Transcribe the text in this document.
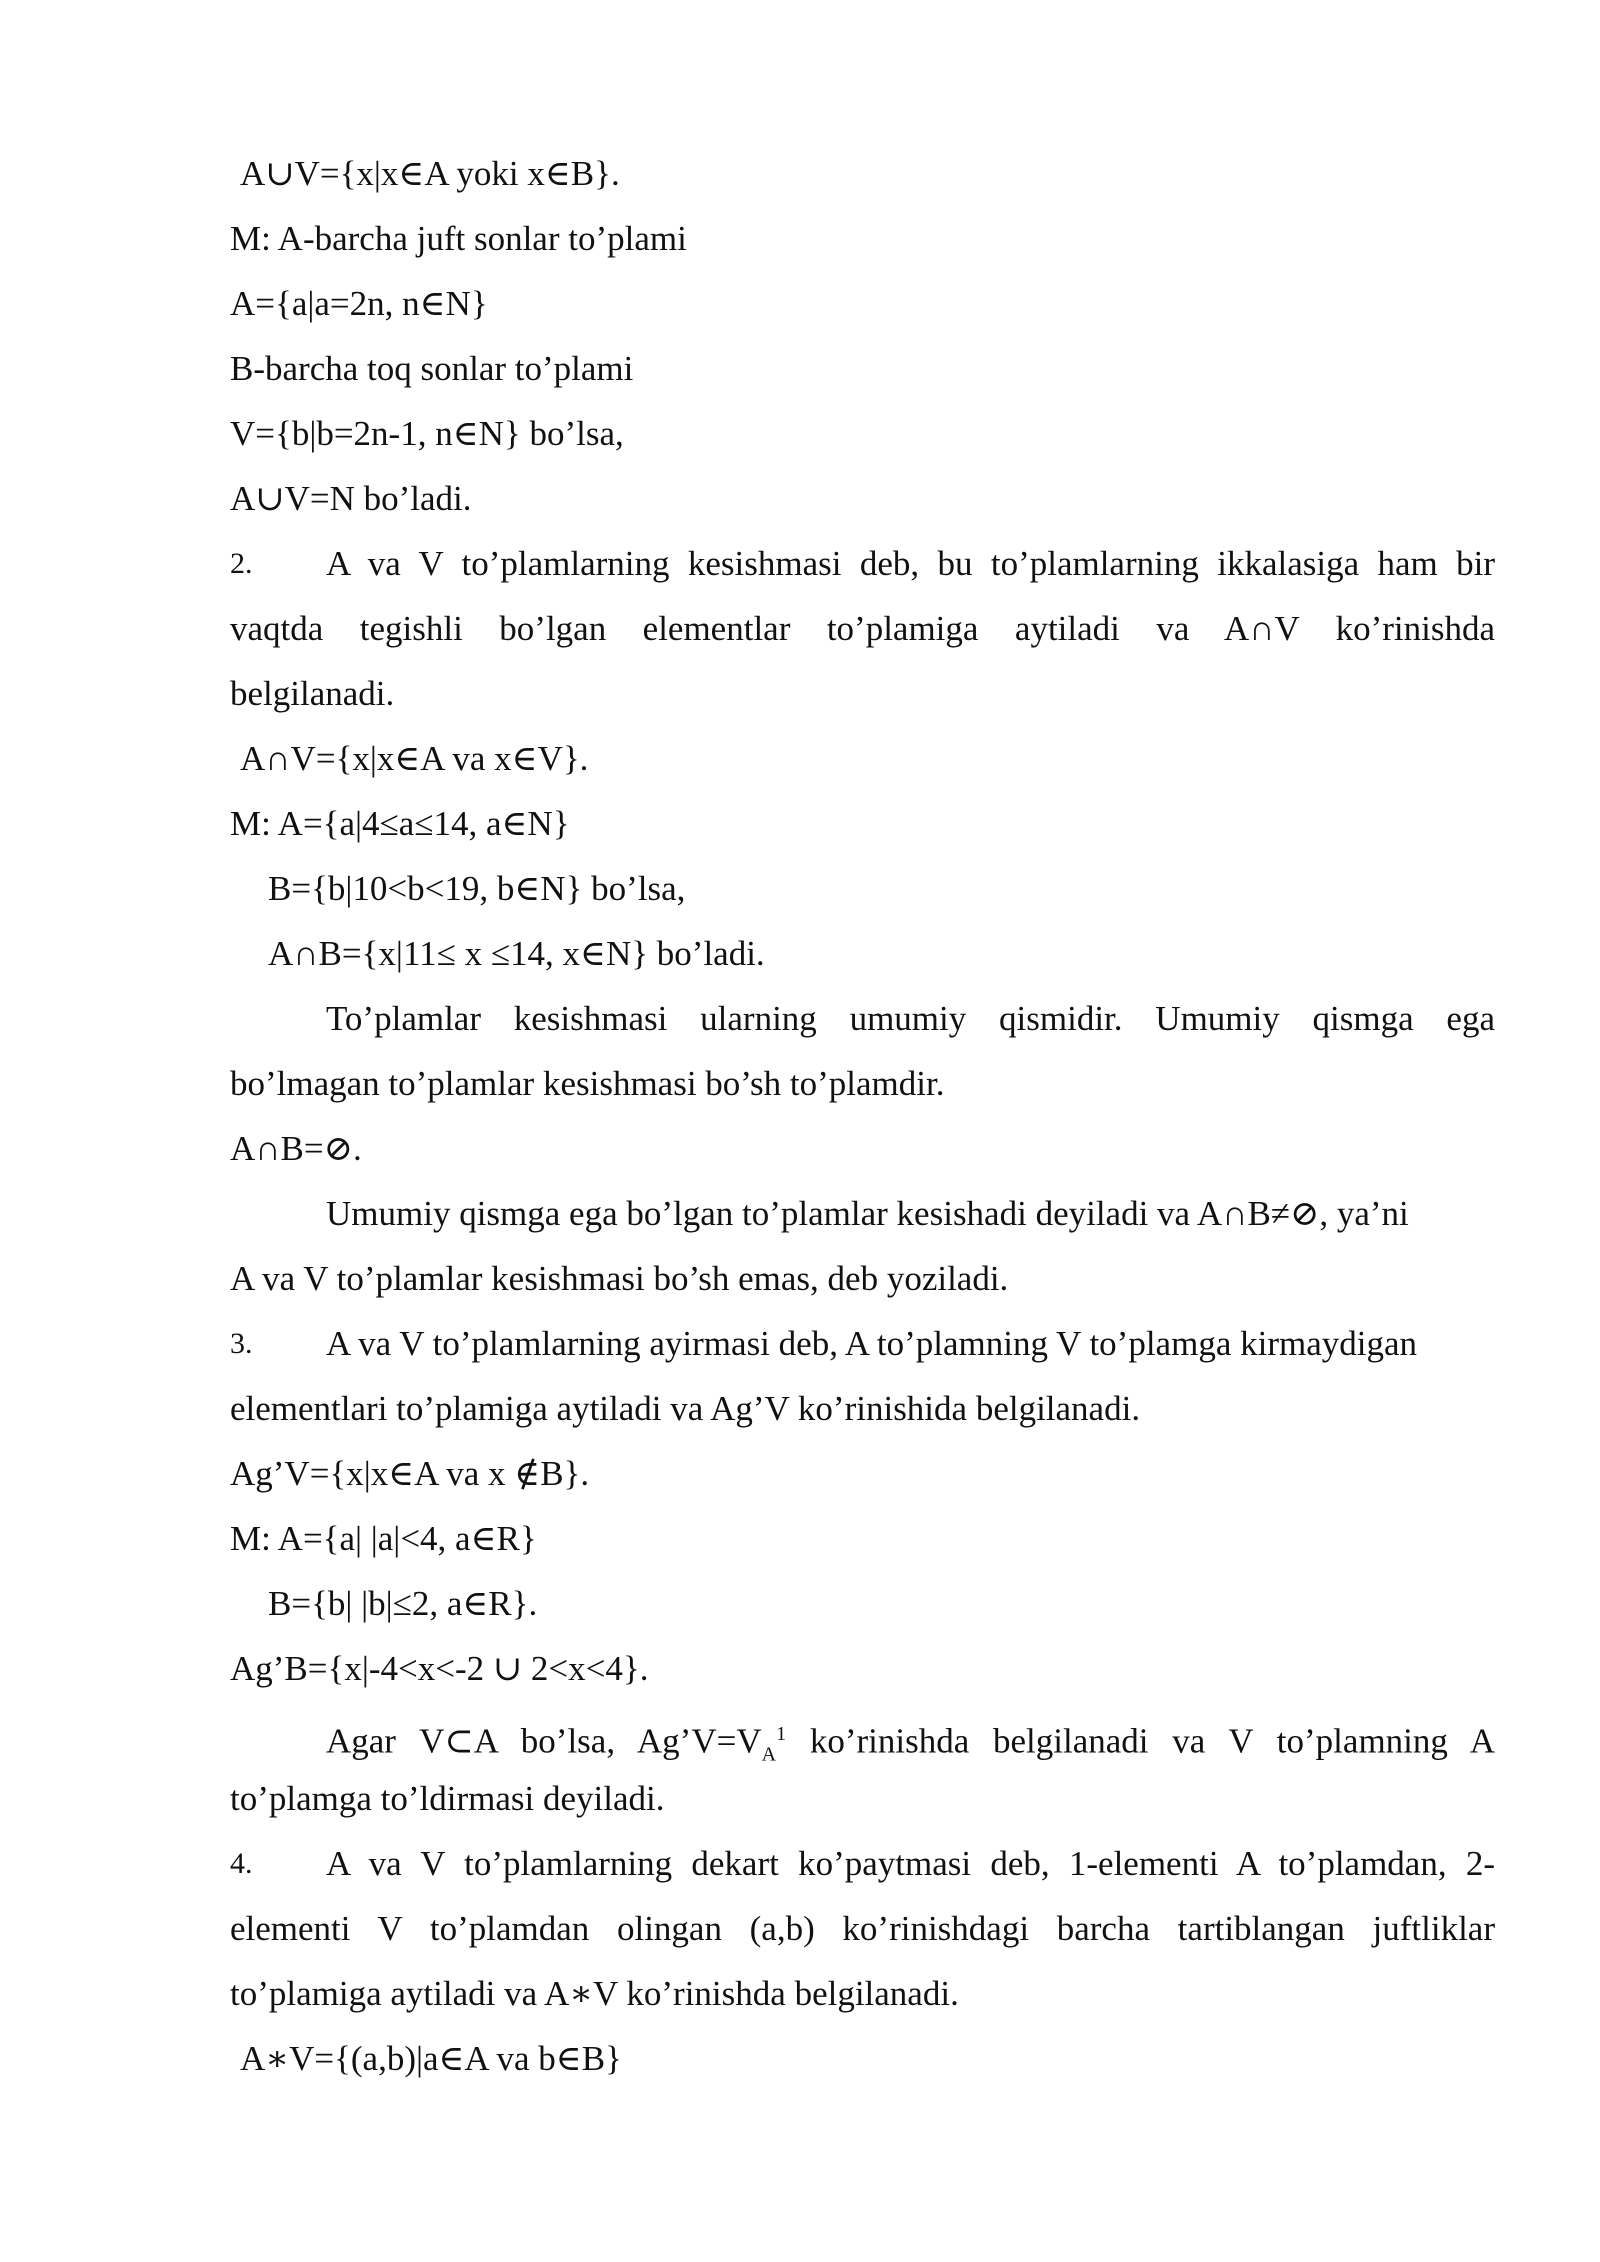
A∪V={x|x∈A yoki x∈B}.
M: A-barcha juft sonlar to’plami
A={a|a=2n, n∈N}
B-barcha toq sonlar to’plami
V={b|b=2n-1, n∈N} bo’lsa,
A∪V=N bo’ladi.
2. A va V to’plamlarning kesishmasi deb, bu to’plamlarning ikkalasiga ham bir
vaqtda tegishli bo’lgan elementlar to’plamiga aytiladi va A∩V ko’rinishda
belgilanadi.
A∩V={x|x∈A va x∈V}.
M: A={a|4≤a≤14, a∈N}
B={b|10<b<19, b∈N} bo’lsa,
A∩B={x|11≤ x ≤14, x∈N} bo’ladi.
To’plamlar kesishmasi ularning umumiy qismidir. Umumiy qismga ega
bo’lmagan to’plamlar kesishmasi bo’sh to’plamdir.
A∩B=⊘.
Umumiy qismga ega bo’lgan to’plamlar kesishadi deyiladi va A∩B≠⊘, ya’ni
A va V to’plamlar kesishmasi bo’sh emas, deb yoziladi.
3. A va V to’plamlarning ayirmasi deb, A to’plamning V to’plamga kirmaydigan
elementlari to’plamiga aytiladi va Ag’V ko’rinishida belgilanadi.
Ag’V={x|x∈A va x ∉B}.
M: A={a| |a|<4, a∈R}
B={b| |b|≤2, a∈R}.
Ag’B={x|-4<x<-2 ∪ 2<x<4}.
Agar V⊂A bo’lsa, $Ag’V=V_A^1$ ko’rinishda belgilanadi va V to’plamning A
to’plamga to’ldirmasi deyiladi.
4. A va V to’plamlarning dekart ko’paytmasi deb, 1-elementi A to’plamdan, 2-
elementi V to’plamdan olingan (a,b) ko’rinishdagi barcha tartiblangan juftliklar
to’plamiga aytiladi va A∗V ko’rinishda belgilanadi.
A∗V={(a,b)|a∈A va b∈B}
